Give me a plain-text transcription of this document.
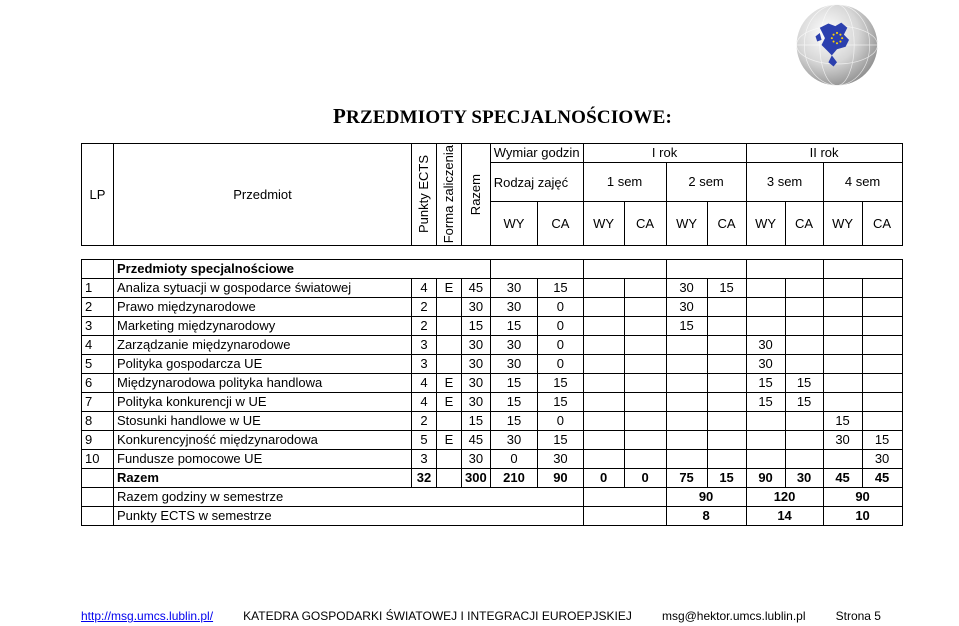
PRZEDMIOTY SPECJALNOŚCIOWE:
LP	Przedmiot	Punkty ECTS	Forma zaliczenia	Razem	Wymiar godzin		I rok				II rok			
					Rodzaj zajęć		1 sem		2 sem		3 sem		4 sem	
					WY	CA	WY	CA	WY	CA	WY	CA	WY	CA

	Przedmioty specjalnościowe													
1	Analiza sytuacji w gospodarce światowej	4	E	45	30	15			30	15				
2	Prawo międzynarodowe	2		30	30	0			30					
3	Marketing międzynarodowy	2		15	15	0			15					
4	Zarządzanie międzynarodowe	3		30	30	0					30			
5	Polityka gospodarcza UE	3		30	30	0					30			
6	Międzynarodowa polityka handlowa	4	E	30	15	15					15	15		
7	Polityka konkurencji w UE	4	E	30	15	15					15	15		
8	Stosunki handlowe w UE	2		15	15	0							15	
9	Konkurencyjność międzynarodowa	5	E	45	30	15							30	15
10	Fundusze pomocowe UE	3		30	0	30								30
	Razem	32		300	210	90	0	0	75	15	90	30	45	45
	Razem godziny w semestrze								90		120		90	
	Punkty ECTS w semestrze								8		14		10	
http://msg.umcs.lublin.pl/	KATEDRA GOSPODARKI ŚWIATOWEJ I INTEGRACJI EUROEPJSKIEJ	msg@hektor.umcs.lublin.pl	Strona 5
